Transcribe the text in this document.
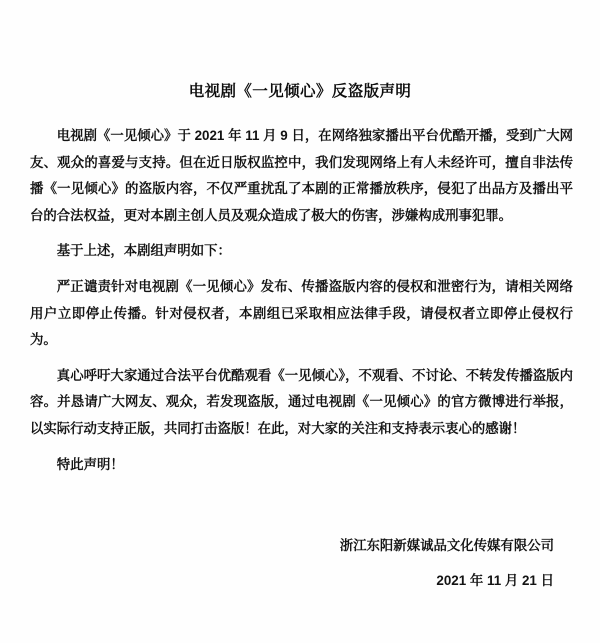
电视剧《一见倾心》反盗版声明

电视剧《一见倾心》于 2021 年 11 月 9 日，在网络独家播出平台优酷开播，受到广大网友、观众的喜爱与支持。但在近日版权监控中，我们发现网络上有人未经许可，擅自非法传播《一见倾心》的盗版内容，不仅严重扰乱了本剧的正常播放秩序，侵犯了出品方及播出平台的合法权益，更对本剧主创人员及观众造成了极大的伤害，涉嫌构成刑事犯罪。

基于上述，本剧组声明如下：

严正谴责针对电视剧《一见倾心》发布、传播盗版内容的侵权和泄密行为，请相关网络用户立即停止传播。针对侵权者，本剧组已采取相应法律手段，请侵权者立即停止侵权行为。

真心呼吁大家通过合法平台优酷观看《一见倾心》，不观看、不讨论、不转发传播盗版内容。并恳请广大网友、观众，若发现盗版，通过电视剧《一见倾心》的官方微博进行举报，以实际行动支持正版，共同打击盗版！在此，对大家的关注和支持表示衷心的感谢！

特此声明！

浙江东阳新媒诚品文化传媒有限公司
2021 年 11 月 21 日
